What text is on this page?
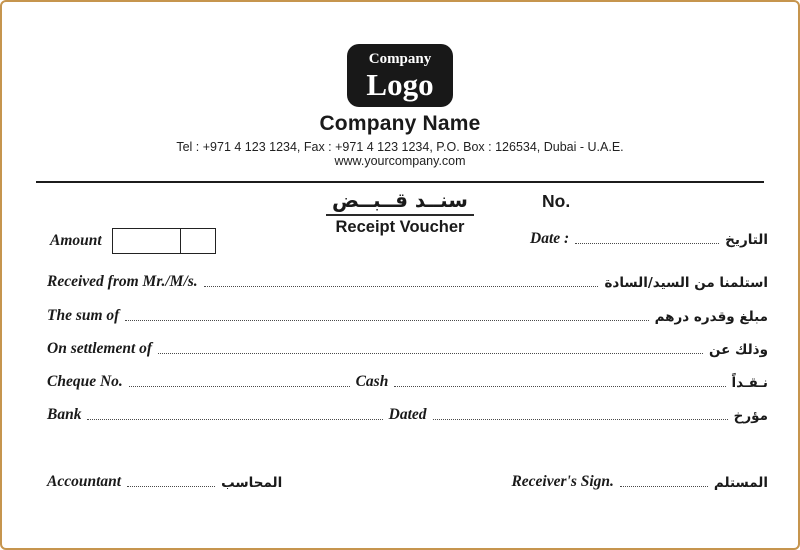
Company
Logo
Company Name
Tel : +971 4 123 1234, Fax : +971 4 123 1234, P.O. Box : 126534, Dubai - U.A.E.
www.yourcompany.com
سنــد قــبــض
Receipt Voucher
No.
Date :	التاريخ
Amount
Received from Mr./M/s.	استلمنا من السيد/السادة
The sum of	مبلغ وقدره درهم
On settlement of	وذلك عن
Cheque No.	Cash	نـقـداً
Bank	Dated	مؤرخ
Accountant	المحاسب	Receiver's Sign.	المستلم
